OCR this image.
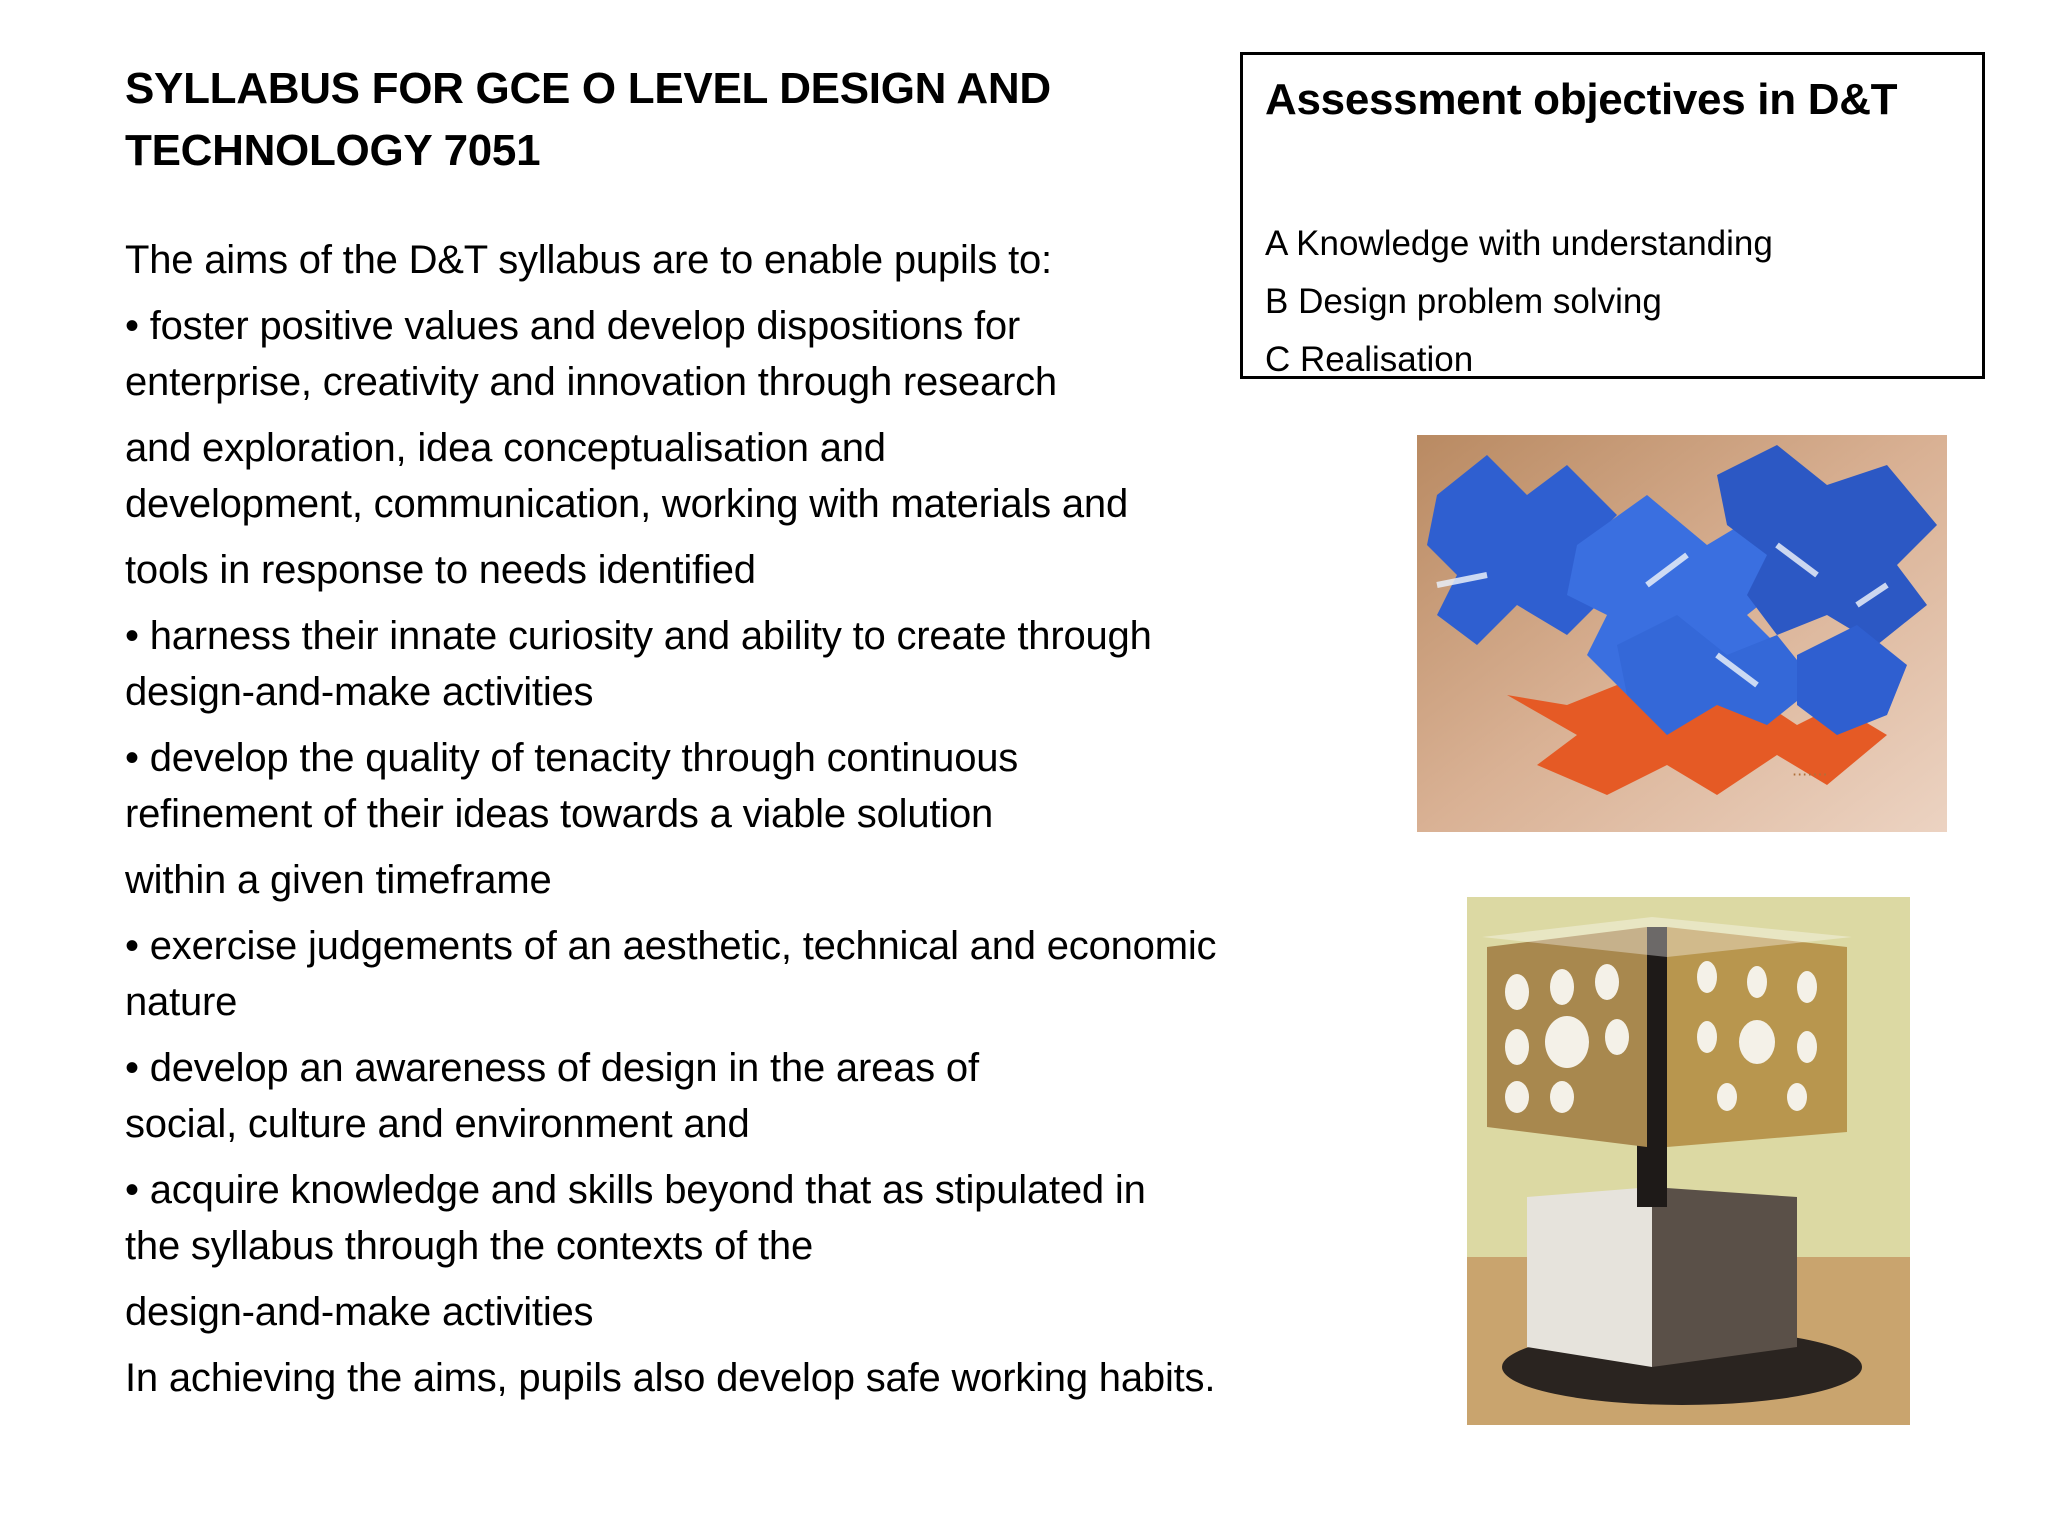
SYLLABUS FOR GCE O LEVEL DESIGN AND
TECHNOLOGY 7051
The aims of the D&T syllabus are to enable pupils to:
• foster positive values and develop dispositions for
enterprise, creativity and innovation through research
and exploration, idea conceptualisation and
development, communication, working with materials and
tools in response to needs identified
• harness their innate curiosity and ability to create through
design-and-make activities
• develop the quality of tenacity through continuous
refinement of their ideas towards a viable solution
within a given timeframe
• exercise judgements of an aesthetic, technical and economic
nature
• develop an awareness of design in the areas of
social, culture and environment and
• acquire knowledge and skills beyond that as stipulated in
the syllabus through the contexts of the
design-and-make activities
In achieving the aims, pupils also develop safe working habits.
Assessment objectives in D&T
A Knowledge with understanding
B Design problem solving
C Realisation
·······
